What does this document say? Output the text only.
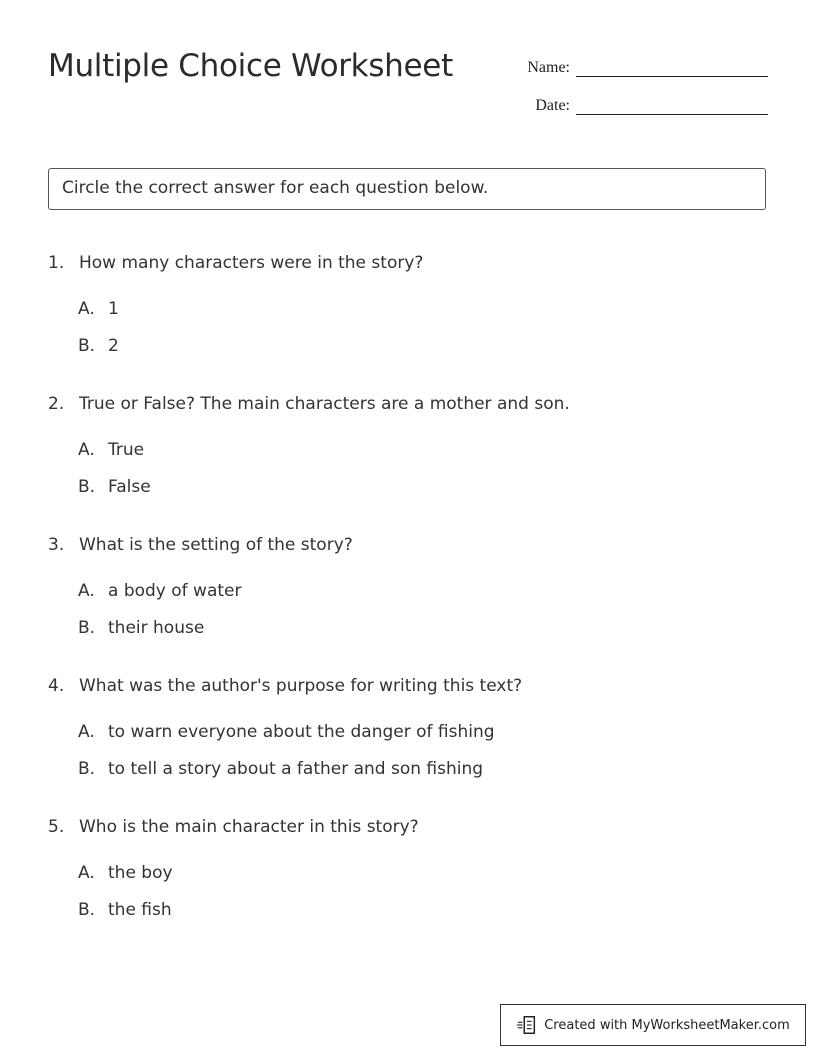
Multiple Choice Worksheet	Name:
Date:
Circle the correct answer for each question below.
1. How many characters were in the story?
A. 1
B. 2
2. True or False? The main characters are a mother and son.
A. True
B. False
3. What is the setting of the story?
A. a body of water
B. their house
4. What was the author's purpose for writing this text?
A. to warn everyone about the danger of fishing
B. to tell a story about a father and son fishing
5. Who is the main character in this story?
A. the boy
B. the fish
Created with MyWorksheetMaker.com
